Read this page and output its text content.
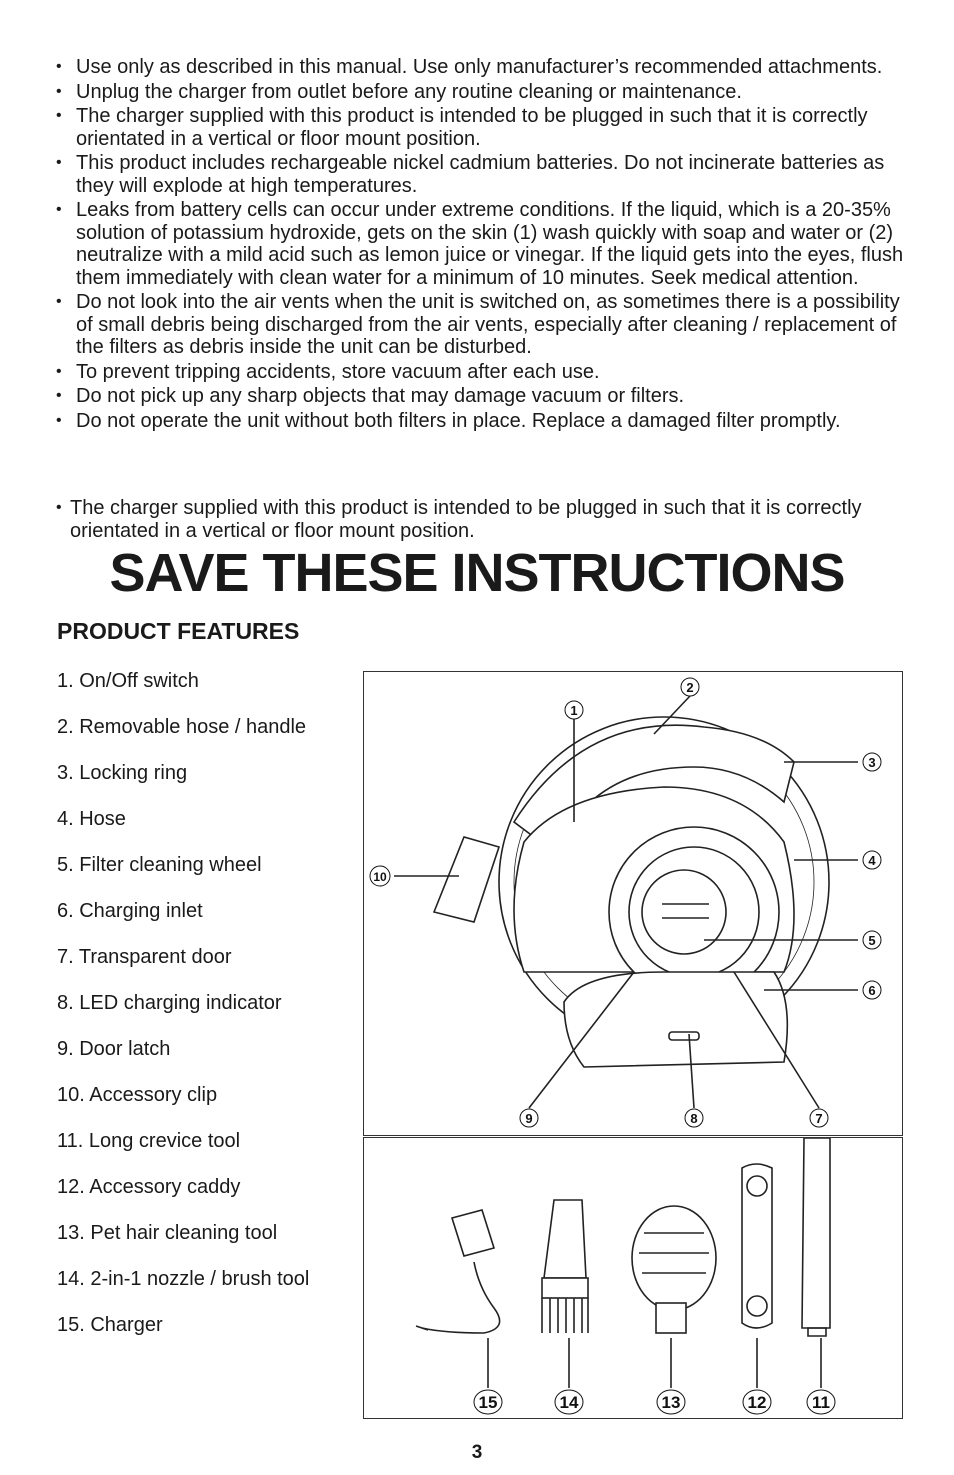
• Use only as described in this manual. Use only manufacturer’s recommended attachments.
• Unplug the charger from outlet before any routine cleaning or maintenance.
• The charger supplied with this product is intended to be plugged in such that it is correctly orientated in a vertical or floor mount position.
• This product includes rechargeable nickel cadmium batteries. Do not incinerate batteries as they will explode at high temperatures.
• Leaks from battery cells can occur under extreme conditions. If the liquid, which is a 20-35% solution of potassium hydroxide, gets on the skin (1) wash quickly with soap and water or (2) neutralize with a mild acid such as lemon juice or vinegar. If the liquid gets into the eyes, flush them immediately with clean water for a minimum of 10 minutes. Seek medical attention.
• Do not look into the air vents when the unit is switched on, as sometimes there is a possibility of small debris being discharged from the air vents, especially after cleaning / replacement of the filters as debris inside the unit can be disturbed.
• To prevent tripping accidents, store vacuum after each use.
• Do not pick up any sharp objects that may damage vacuum or filters.
• Do not operate the unit without both filters in place. Replace a damaged filter promptly.
• The charger supplied with this product is intended to be plugged in such that it is correctly orientated in a vertical or floor mount position.
SAVE THESE INSTRUCTIONS
PRODUCT FEATURES
1. On/Off switch
2. Removable hose / handle
3. Locking ring
4. Hose
5. Filter cleaning wheel
6. Charging inlet
7. Transparent door
8. LED charging indicator
9. Door latch
10. Accessory clip
11. Long crevice tool
12. Accessory caddy
13. Pet hair cleaning tool
14. 2-in-1 nozzle / brush tool
15. Charger
1
2
3
4
5
6
7
8
9
10
15	14	13	12	11
3
